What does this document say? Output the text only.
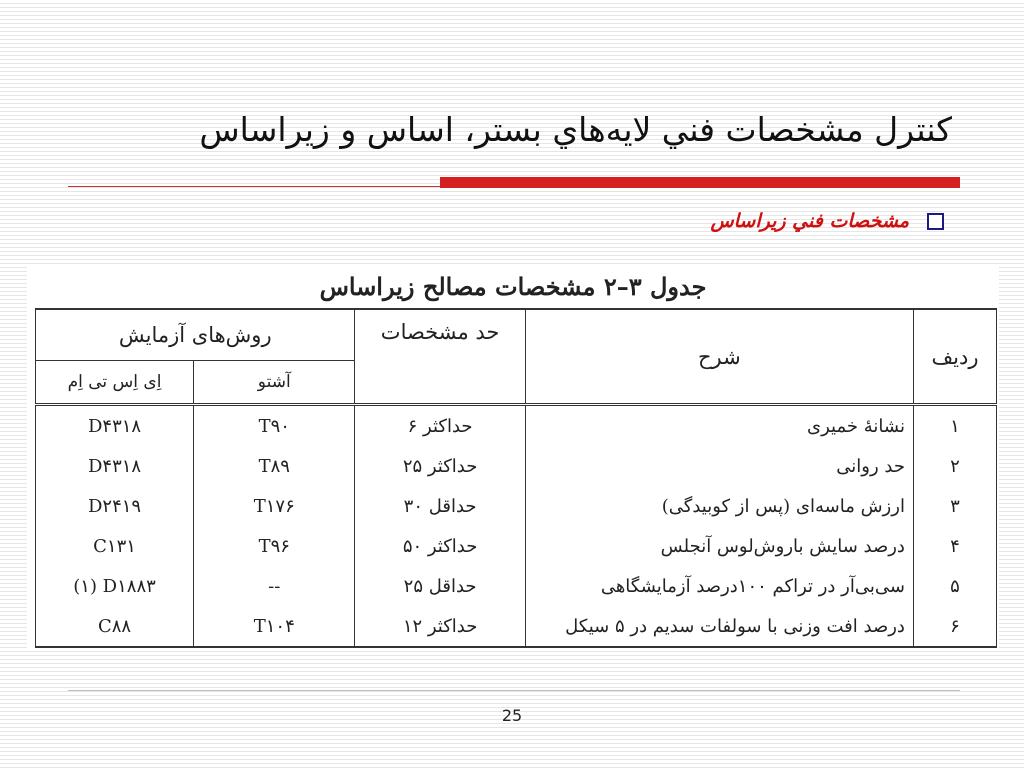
کنترل مشخصات فني لايه‌هاي بستر، اساس و زيراساس
مشخصات فني زيراساس
جدول ۳–۲ مشخصات مصالح زیراساس
ردیف	شرح	حد مشخصات	روش‌های آزمایش	
			آشتو	اِی اِس تی اِم
۱	نشانهٔ خمیری	حداکثر ۶	T۹۰	D۴۳۱۸
۲	حد روانی	حداکثر ۲۵	T۸۹	D۴۳۱۸
۳	ارزش ماسه‌ای (پس از کوبیدگی)	حداقل ۳۰	T۱۷۶	D۲۴۱۹
۴	درصد سایش باروش‌لوس آنجلس	حداکثر ۵۰	T۹۶	C۱۳۱
۵	سی‌بی‌آر در تراکم ۱۰۰درصد آزمایشگاهی	حداقل ۲۵	--	(۱) D۱۸۸۳
۶	درصد افت وزنی با سولفات سدیم در ۵ سیکل	حداکثر ۱۲	T۱۰۴	C۸۸
25
